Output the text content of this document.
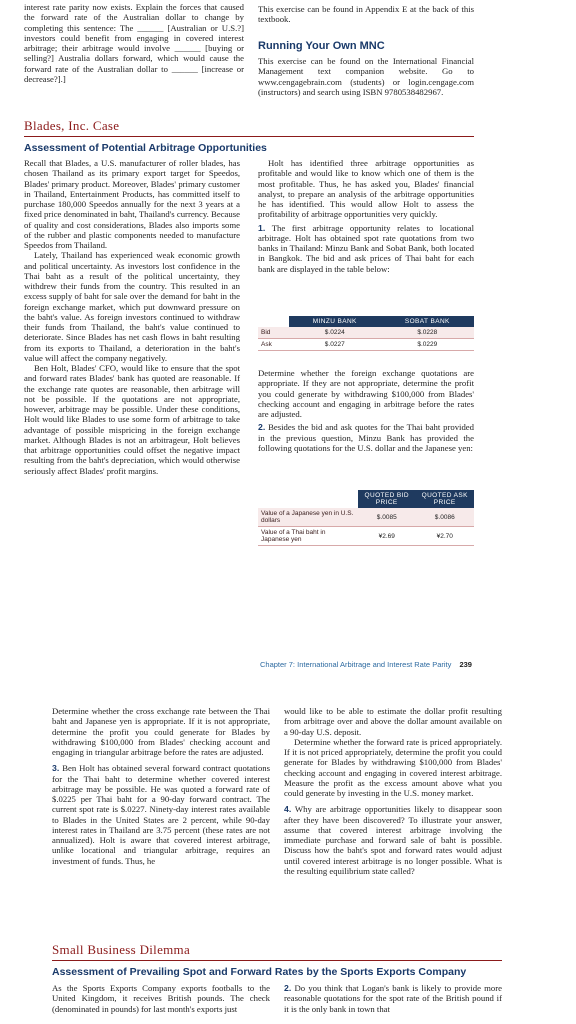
interest rate parity now exists. Explain the forces that caused the forward rate of the Australian dollar to change by completing this sentence: The ______ [Australian or U.S.?] investors could benefit from engaging in covered interest arbitrage; their arbitrage would involve ______ [buying or selling?] Australia dollars forward, which would cause the forward rate of the Australian dollar to ______ [increase or decrease?].]

This exercise can be found in Appendix E at the back of this textbook.

Running Your Own MNC

This exercise can be found on the International Financial Management text companion website. Go to www.cengagebrain.com (students) or login.cengage.com (instructors) and search using ISBN 9780538482967.

Blades, Inc. Case
Assessment of Potential Arbitrage Opportunities

Recall that Blades, a U.S. manufacturer of roller blades, has chosen Thailand as its primary export target for Speedos, Blades' primary product. Moreover, Blades' primary customer in Thailand, Entertainment Products, has committed itself to purchase 180,000 Speedos annually for the next 3 years at a fixed price denominated in baht, Thailand's currency. Because of quality and cost considerations, Blades also imports some of the rubber and plastic components needed to manufacture Speedos from Thailand.

Lately, Thailand has experienced weak economic growth and political uncertainty. As investors lost confidence in the Thai baht as a result of the political uncertainty, they withdrew their funds from the country. This resulted in an excess supply of baht for sale over the demand for baht in the foreign exchange market, which put downward pressure on the baht's value. As foreign investors continued to withdraw their funds from Thailand, the baht's value continued to deteriorate. Since Blades has net cash flows in baht resulting from its exports to Thailand, a deterioration in the baht's value will affect the company negatively.

Ben Holt, Blades' CFO, would like to ensure that the spot and forward rates Blades' bank has quoted are reasonable. If the exchange rate quotes are reasonable, then arbitrage will not be possible. If the quotations are not appropriate, however, arbitrage may be possible. Under these conditions, Holt would like Blades to use some form of arbitrage to take advantage of possible mispricing in the foreign exchange market. Although Blades is not an arbitrageur, Holt believes that arbitrage opportunities could offset the negative impact resulting from the baht's depreciation, which would otherwise seriously affect Blades' profit margins.

Holt has identified three arbitrage opportunities as profitable and would like to know which one of them is the most profitable. Thus, he has asked you, Blades' financial analyst, to prepare an analysis of the arbitrage opportunities he has identified. This would allow Holt to assess the profitability of arbitrage opportunities very quickly.

1. The first arbitrage opportunity relates to locational arbitrage. Holt has obtained spot rate quotations from two banks in Thailand: Minzu Bank and Sobat Bank, both located in Bangkok. The bid and ask prices of Thai baht for each bank are displayed in the table below:

	MINZU BANK	SOBAT BANK
Bid	$.0224	$.0228
Ask	$.0227	$.0229

Determine whether the foreign exchange quotations are appropriate. If they are not appropriate, determine the profit you could generate by withdrawing $100,000 from Blades' checking account and engaging in arbitrage before the rates are adjusted.

2. Besides the bid and ask quotes for the Thai baht provided in the previous question, Minzu Bank has provided the following quotations for the U.S. dollar and the Japanese yen:

	QUOTED BID PRICE	QUOTED ASK PRICE
Value of a Japanese yen in U.S. dollars	$.0085	$.0086
Value of a Thai baht in Japanese yen	¥2.69	¥2.70
Chapter 7: International Arbitrage and Interest Rate Parity 239

Determine whether the cross exchange rate between the Thai baht and Japanese yen is appropriate. If it is not appropriate, determine the profit you could generate for Blades by withdrawing $100,000 from Blades' checking account and engaging in triangular arbitrage before the rates are adjusted.

3. Ben Holt has obtained several forward contract quotations for the Thai baht to determine whether covered interest arbitrage may be possible. He was quoted a forward rate of $.0225 per Thai baht for a 90-day forward contract. The current spot rate is $.0227. Ninety-day interest rates available to Blades in the United States are 2 percent, while 90-day interest rates in Thailand are 3.75 percent (these rates are not annualized). Holt is aware that covered interest arbitrage, unlike locational and triangular arbitrage, requires an investment of funds. Thus, he

would like to be able to estimate the dollar profit resulting from arbitrage over and above the dollar amount available on a 90-day U.S. deposit.

Determine whether the forward rate is priced appropriately. If it is not priced appropriately, determine the profit you could generate for Blades by withdrawing $100,000 from Blades' checking account and engaging in covered interest arbitrage. Measure the profit as the excess amount above what you could generate by investing in the U.S. money market.

4. Why are arbitrage opportunities likely to disappear soon after they have been discovered? To illustrate your answer, assume that covered interest arbitrage involving the immediate purchase and forward sale of baht is possible. Discuss how the baht's spot and forward rates would adjust until covered interest arbitrage is no longer possible. What is the resulting equilibrium state called?

Small Business Dilemma
Assessment of Prevailing Spot and Forward Rates by the Sports Exports Company

As the Sports Exports Company exports footballs to the United Kingdom, it receives British pounds. The check (denominated in pounds) for last month's exports just

2. Do you think that Logan's bank is likely to provide more reasonable quotations for the spot rate of the British pound if it is the only bank in town that
